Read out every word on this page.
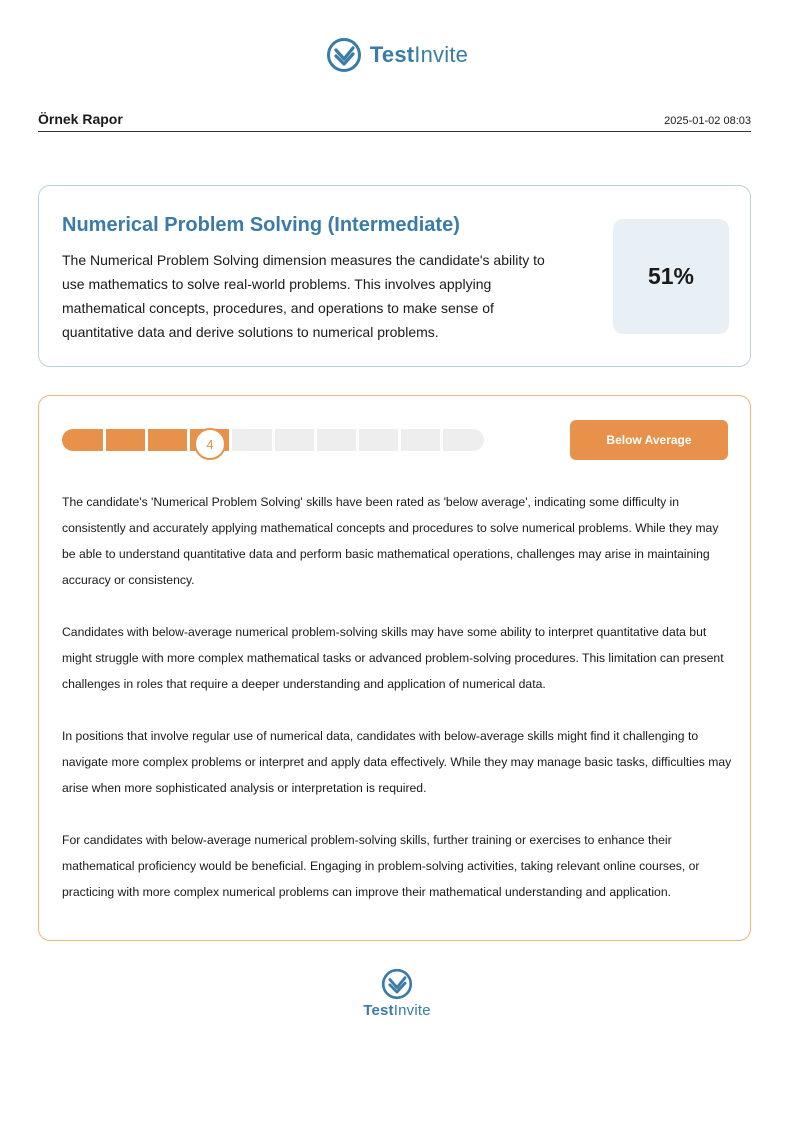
TestInvite
Örnek Rapor	2025-01-02 08:03
Numerical Problem Solving (Intermediate)
The Numerical Problem Solving dimension measures the candidate's ability to use mathematics to solve real-world problems. This involves applying mathematical concepts, procedures, and operations to make sense of quantitative data and derive solutions to numerical problems.
51%
4	Below Average

The candidate's 'Numerical Problem Solving' skills have been rated as 'below average', indicating some difficulty in consistently and accurately applying mathematical concepts and procedures to solve numerical problems. While they may be able to understand quantitative data and perform basic mathematical operations, challenges may arise in maintaining accuracy or consistency.

Candidates with below-average numerical problem-solving skills may have some ability to interpret quantitative data but might struggle with more complex mathematical tasks or advanced problem-solving procedures. This limitation can present challenges in roles that require a deeper understanding and application of numerical data.

In positions that involve regular use of numerical data, candidates with below-average skills might find it challenging to navigate more complex problems or interpret and apply data effectively. While they may manage basic tasks, difficulties may arise when more sophisticated analysis or interpretation is required.

For candidates with below-average numerical problem-solving skills, further training or exercises to enhance their mathematical proficiency would be beneficial. Engaging in problem-solving activities, taking relevant online courses, or practicing with more complex numerical problems can improve their mathematical understanding and application.

TestInvite
